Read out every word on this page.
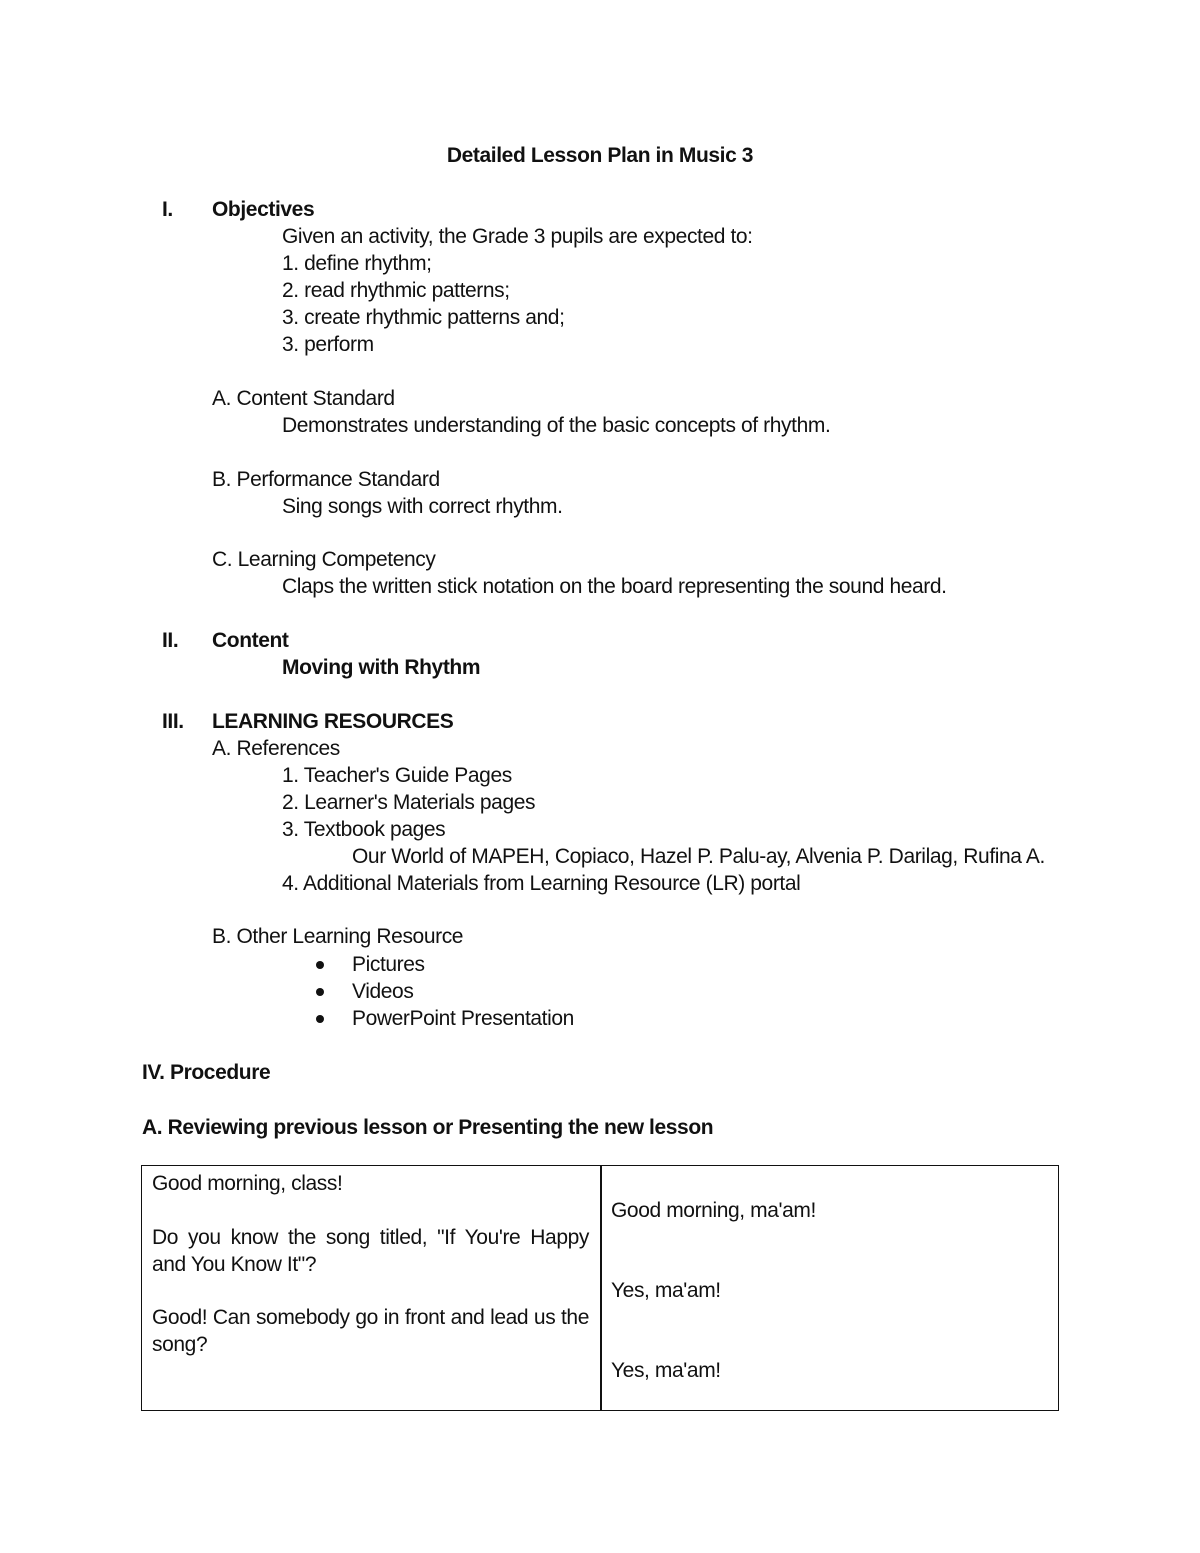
Detailed Lesson Plan in Music 3
I. Objectives
Given an activity, the Grade 3 pupils are expected to:
1. define rhythm;
2. read rhythmic patterns;
3. create rhythmic patterns and;
3. perform
A. Content Standard
Demonstrates understanding of the basic concepts of rhythm.
B. Performance Standard
Sing songs with correct rhythm.
C. Learning Competency
Claps the written stick notation on the board representing the sound heard.
II. Content
Moving with Rhythm
III. LEARNING RESOURCES
A. References
1. Teacher's Guide Pages
2. Learner's Materials pages
3. Textbook pages
Our World of MAPEH, Copiaco, Hazel P. Palu-ay, Alvenia P. Darilag, Rufina A.
4. Additional Materials from Learning Resource (LR) portal
B. Other Learning Resource
Pictures
Videos
PowerPoint Presentation
IV. Procedure
A. Reviewing previous lesson or Presenting the new lesson
Good morning, class!
Do you know the song titled, "If You're Happy and You Know It"?
Good! Can somebody go in front and lead us the song?
Good morning, ma'am!
Yes, ma'am!
Yes, ma'am!
